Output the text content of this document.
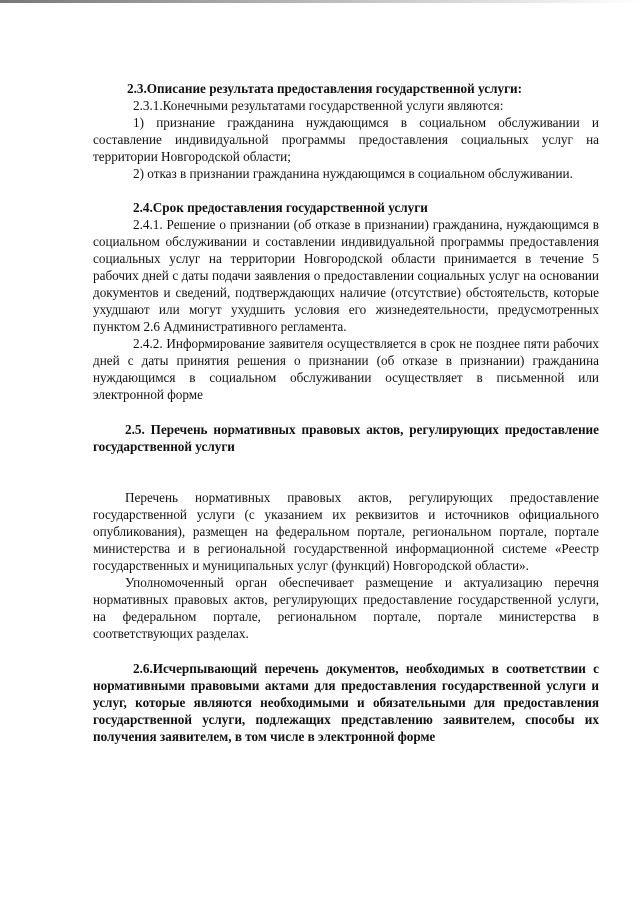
2.3.Описание результата предоставления государственной услуги:

2.3.1.Конечными результатами государственной услуги являются:

1) признание гражданина нуждающимся в социальном обслуживании и составление индивидуальной программы предоставления социальных услуг на территории Новгородской области;

2) отказ в признании гражданина нуждающимся в социальном обслуживании.

2.4.Срок предоставления государственной услуги

2.4.1. Решение о признании (об отказе в признании) гражданина, нуждающимся в социальном обслуживании и составлении индивидуальной программы предоставления социальных услуг на территории Новгородской области принимается в течение 5 рабочих дней с даты подачи заявления о предоставлении социальных услуг на основании документов и сведений, подтверждающих наличие (отсутствие) обстоятельств, которые ухудшают или могут ухудшить условия его жизнедеятельности, предусмотренных пунктом 2.6 Административного регламента.

2.4.2. Информирование заявителя осуществляется в срок не позднее пяти рабочих дней с даты принятия решения о признании (об отказе в признании) гражданина нуждающимся в социальном обслуживании осуществляет в письменной или электронной форме

2.5. Перечень нормативных правовых актов, регулирующих предоставление государственной услуги

Перечень нормативных правовых актов, регулирующих предоставление государственной услуги (с указанием их реквизитов и источников официального опубликования), размещен на федеральном портале, региональном портале, портале министерства и в региональной государственной информационной системе «Реестр государственных и муниципальных услуг (функций) Новгородской области».

Уполномоченный орган обеспечивает размещение и актуализацию перечня нормативных правовых актов, регулирующих предоставление государственной услуги, на федеральном портале, региональном портале, портале министерства в соответствующих разделах.

2.6.Исчерпывающий перечень документов, необходимых в соответствии с нормативными правовыми актами для предоставления государственной услуги и услуг, которые являются необходимыми и обязательными для предоставления государственной услуги, подлежащих представлению заявителем, способы их получения заявителем, в том числе в электронной форме
